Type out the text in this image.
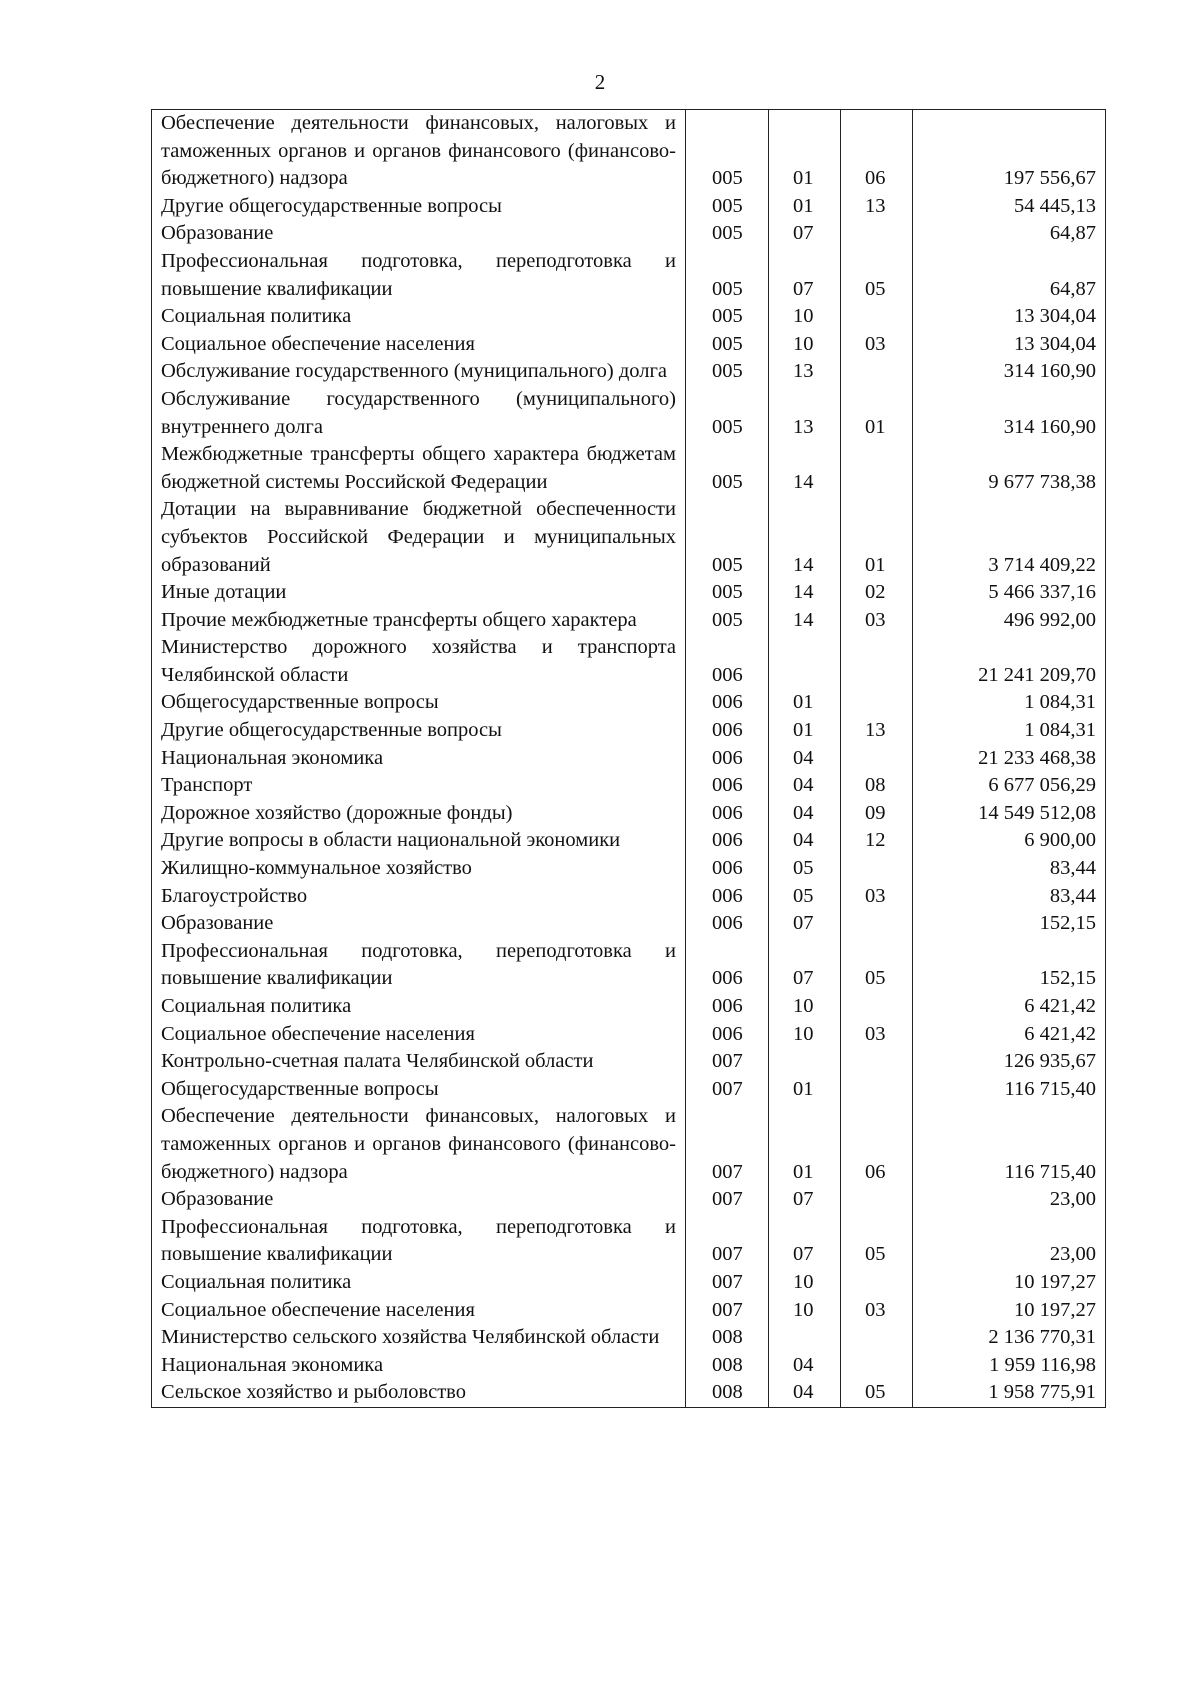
2
Обеспечение деятельности финансовых, налоговых и таможенных органов и органов финансового (финансово-бюджетного) надзора	005	01	06	197 556,67
Другие общегосударственные вопросы	005	01	13	54 445,13
Образование	005	07		64,87
Профессиональная подготовка, переподготовка и повышение квалификации	005	07	05	64,87
Социальная политика	005	10		13 304,04
Социальное обеспечение населения	005	10	03	13 304,04
Обслуживание государственного (муниципального) долга	005	13		314 160,90
Обслуживание государственного (муниципального) внутреннего долга	005	13	01	314 160,90
Межбюджетные трансферты общего характера бюджетам бюджетной системы Российской Федерации	005	14		9 677 738,38
Дотации на выравнивание бюджетной обеспеченности субъектов Российской Федерации и муниципальных образований	005	14	01	3 714 409,22
Иные дотации	005	14	02	5 466 337,16
Прочие межбюджетные трансферты общего характера	005	14	03	496 992,00
Министерство дорожного хозяйства и транспорта Челябинской области	006			21 241 209,70
Общегосударственные вопросы	006	01		1 084,31
Другие общегосударственные вопросы	006	01	13	1 084,31
Национальная экономика	006	04		21 233 468,38
Транспорт	006	04	08	6 677 056,29
Дорожное хозяйство (дорожные фонды)	006	04	09	14 549 512,08
Другие вопросы в области национальной экономики	006	04	12	6 900,00
Жилищно-коммунальное хозяйство	006	05		83,44
Благоустройство	006	05	03	83,44
Образование	006	07		152,15
Профессиональная подготовка, переподготовка и повышение квалификации	006	07	05	152,15
Социальная политика	006	10		6 421,42
Социальное обеспечение населения	006	10	03	6 421,42
Контрольно-счетная палата Челябинской области	007			126 935,67
Общегосударственные вопросы	007	01		116 715,40
Обеспечение деятельности финансовых, налоговых и таможенных органов и органов финансового (финансово-бюджетного) надзора	007	01	06	116 715,40
Образование	007	07		23,00
Профессиональная подготовка, переподготовка и повышение квалификации	007	07	05	23,00
Социальная политика	007	10		10 197,27
Социальное обеспечение населения	007	10	03	10 197,27
Министерство сельского хозяйства Челябинской области	008			2 136 770,31
Национальная экономика	008	04		1 959 116,98
Сельское хозяйство и рыболовство	008	04	05	1 958 775,91
